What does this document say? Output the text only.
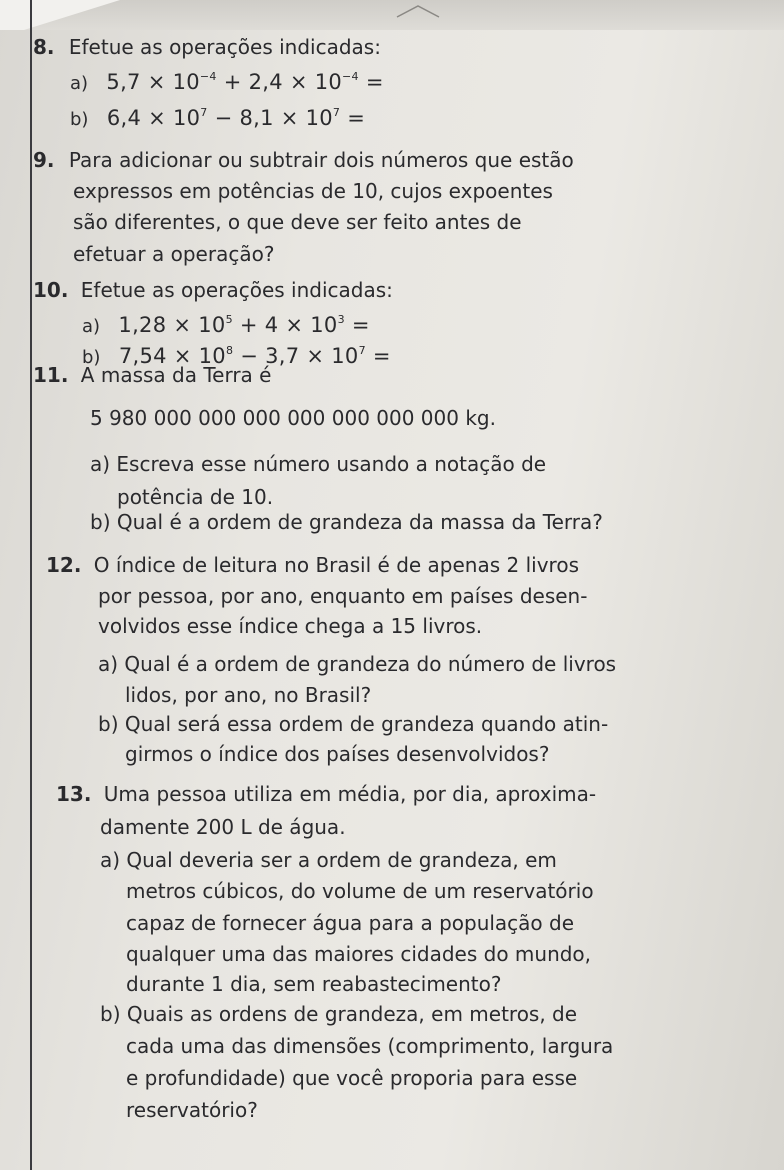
8. Efetue as operações indicadas:
a) $5,7 \times 10^{-4} + 2,4 \times 10^{-4}$ =
b) $6,4 \times 10^7 - 8,1 \times 10^7$ =
9. Para adicionar ou subtrair dois números que estão
expressos em potências de 10, cujos expoentes
são diferentes, o que deve ser feito antes de
efetuar a operação?
10. Efetue as operações indicadas:
a) $1,28 \times 10^5 + 4 \times 10^3$ =
b) $7,54 \times 10^8 - 3,7 \times 10^7$ =
11. A massa da Terra é
5 980 000 000 000 000 000 000 000 kg.
a) Escreva esse número usando a notação de
potência de 10.
b) Qual é a ordem de grandeza da massa da Terra?
12. O índice de leitura no Brasil é de apenas 2 livros
por pessoa, por ano, enquanto em países desen-
volvidos esse índice chega a 15 livros.
a) Qual é a ordem de grandeza do número de livros
lidos, por ano, no Brasil?
b) Qual será essa ordem de grandeza quando atin-
girmos o índice dos países desenvolvidos?
13. Uma pessoa utiliza em média, por dia, aproxima-
damente 200 L de água.
a) Qual deveria ser a ordem de grandeza, em
metros cúbicos, do volume de um reservatório
capaz de fornecer água para a população de
qualquer uma das maiores cidades do mundo,
durante 1 dia, sem reabastecimento?
b) Quais as ordens de grandeza, em metros, de
cada uma das dimensões (comprimento, largura
e profundidade) que você proporia para esse
reservatório?
